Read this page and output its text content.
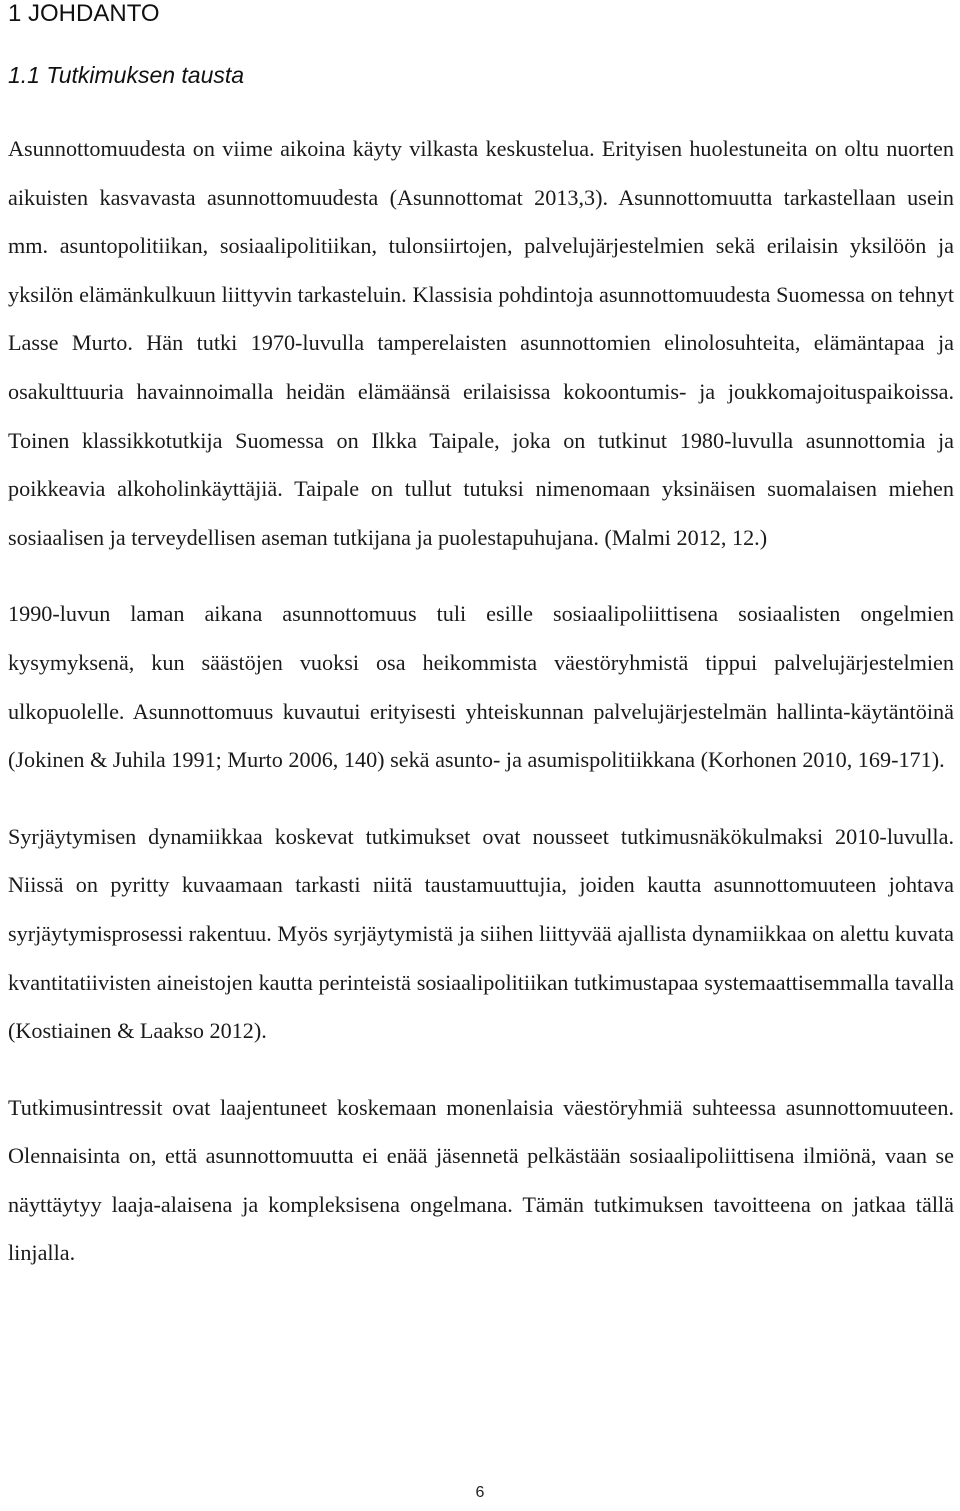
1 JOHDANTO
1.1 Tutkimuksen tausta

Asunnottomuudesta on viime aikoina käyty vilkasta keskustelua. Erityisen huolestuneita on oltu nuorten aikuisten kasvavasta asunnottomuudesta (Asunnottomat 2013,3). Asunnottomuutta tarkastellaan usein mm. asuntopolitiikan, sosiaalipolitiikan, tulonsiirtojen, palvelujärjestelmien sekä erilaisin yksilöön ja yksilön elämänkulkuun liittyvin tarkasteluin. Klassisia pohdintoja asunnottomuudesta Suomessa on tehnyt Lasse Murto. Hän tutki 1970-luvulla tamperelaisten asunnottomien elinolosuhteita, elämäntapaa ja osakulttuuria havainnoimalla heidän elämäänsä erilaisissa kokoontumis- ja joukkomajoituspaikoissa. Toinen klassikkotutkija Suomessa on Ilkka Taipale, joka on tutkinut 1980-luvulla asunnottomia ja poikkeavia alkoholinkäyttäjiä. Taipale on tullut tutuksi nimenomaan yksinäisen suomalaisen miehen sosiaalisen ja terveydellisen aseman tutkijana ja puolestapuhujana. (Malmi 2012, 12.)

1990-luvun laman aikana asunnottomuus tuli esille sosiaalipoliittisena sosiaalisten ongelmien kysymyksenä, kun säästöjen vuoksi osa heikommista väestöryhmistä tippui palvelujärjestelmien ulkopuolelle. Asunnottomuus kuvautui erityisesti yhteiskunnan palvelujärjestelmän hallinta-käytäntöinä (Jokinen & Juhila 1991; Murto 2006, 140) sekä asunto- ja asumispolitiikkana (Korhonen 2010, 169-171).

Syrjäytymisen dynamiikkaa koskevat tutkimukset ovat nousseet tutkimusnäkökulmaksi 2010-luvulla. Niissä on pyritty kuvaamaan tarkasti niitä taustamuuttujia, joiden kautta asunnottomuuteen johtava syrjäytymisprosessi rakentuu. Myös syrjäytymistä ja siihen liittyvää ajallista dynamiikkaa on alettu kuvata kvantitatiivisten aineistojen kautta perinteistä sosiaalipolitiikan tutkimustapaa systemaattisemmalla tavalla (Kostiainen & Laakso 2012).

Tutkimusintressit ovat laajentuneet koskemaan monenlaisia väestöryhmiä suhteessa asunnottomuuteen. Olennaisinta on, että asunnottomuutta ei enää jäsennetä pelkästään sosiaalipoliittisena ilmiönä, vaan se näyttäytyy laaja-alaisena ja kompleksisena ongelmana. Tämän tutkimuksen tavoitteena on jatkaa tällä linjalla.

6
